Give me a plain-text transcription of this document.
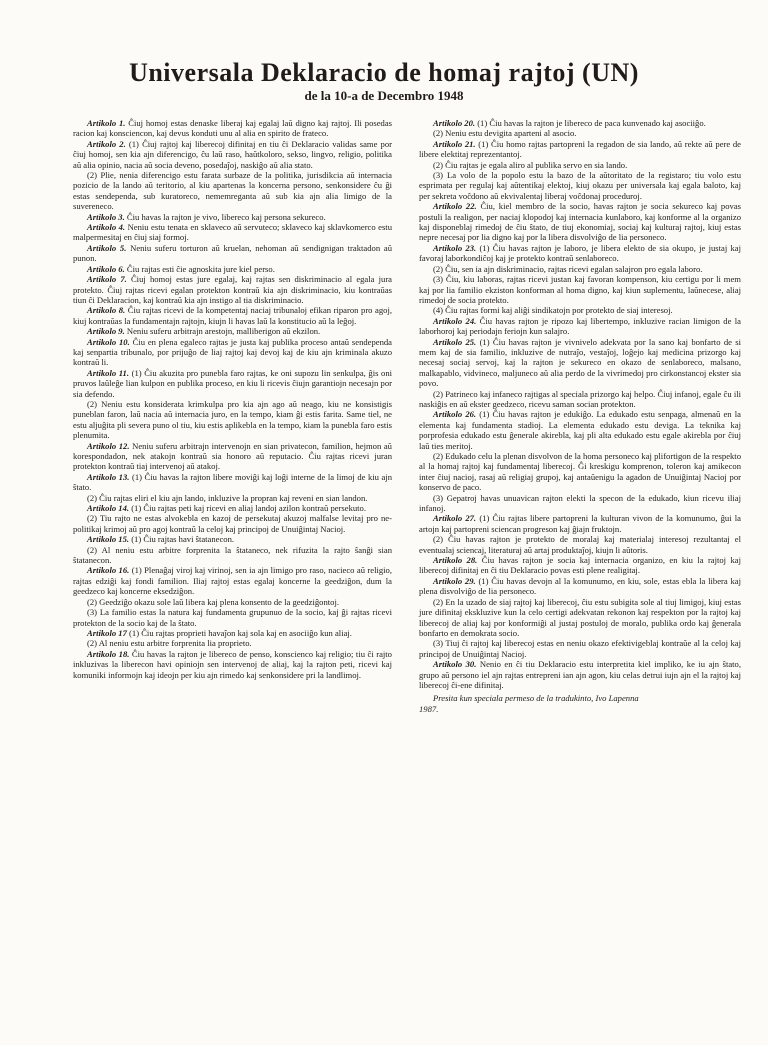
Universala Deklaracio de homaj rajtoj (UN)
de la 10-a de Decembro 1948

Artikolo 1. Ĉiuj homoj estas denaske liberaj kaj egalaj laŭ digno kaj rajtoj. Ili posedas racion kaj konsciencon, kaj devus konduti unu al alia en spirito de frateco.

Artikolo 2. (1) Ĉiuj rajtoj kaj liberecoj difinitaj en tiu ĉi Deklaracio validas same por ĉiuj homoj, sen kia ajn diferencigo, ĉu laŭ raso, haŭtkoloro, sekso, lingvo, religio, politika aŭ alia opinio, nacia aŭ socia deveno, posedaĵoj, naskiĝo aŭ alia stato.

(2) Plie, nenia diferencigo estu farata surbaze de la politika, jurisdikcia aŭ internacia pozicio de la lando aŭ teritorio, al kiu apartenas la koncerna persono, senkonsidere ĉu ĝi estas sendependa, sub kuratoreco, nememreganta aŭ sub kia ajn alia limigo de la suvereneco.

Artikolo 3. Ĉiu havas la rajton je vivo, libereco kaj persona sekureco.

Artikolo 4. Neniu estu tenata en sklaveco aŭ servuteco; sklaveco kaj sklavkomerco estu malpermesitaj en ĉiuj siaj formoj.

Artikolo 5. Neniu suferu torturon aŭ kruelan, nehoman aŭ sendignigan traktadon aŭ punon.

Artikolo 6. Ĉiu rajtas esti ĉie agnoskita jure kiel perso.

Artikolo 7. Ĉiuj homoj estas jure egalaj, kaj rajtas sen diskriminacio al egala jura protekto. Ĉiuj rajtas ricevi egalan protekton kontraŭ kia ajn diskriminacio, kiu kontraŭas tiun ĉi Deklaracion, kaj kontraŭ kia ajn instigo al tia diskriminacio.

Artikolo 8. Ĉiu rajtas ricevi de la kompetentaj naciaj tribunaloj efikan riparon pro agoj, kiuj kontraŭas la fundamentajn rajtojn, kiujn li havas laŭ la konstitucio aŭ la leĝoj.

Artikolo 9. Neniu suferu arbitrajn arestojn, malliberigon aŭ ekzilon.

Artikolo 10. Ĉiu en plena egaleco rajtas je justa kaj publika proceso antaŭ sendependa kaj senpartia tribunalo, por prijuĝo de liaj rajtoj kaj devoj kaj de kiu ajn kriminala akuzo kontraŭ li.

Artikolo 11. (1) Ĉiu akuzita pro punebla faro rajtas, ke oni supozu lin senkulpa, ĝis oni pruvos laŭleĝe lian kulpon en publika proceso, en kiu li ricevis ĉiujn garantiojn necesajn por sia defendo.

(2) Neniu estu konsiderata krimkulpa pro kia ajn ago aŭ neago, kiu ne konsistigis puneblan faron, laŭ nacia aŭ internacia juro, en la tempo, kiam ĝi estis farita. Same tiel, ne estu aljuĝita pli severa puno ol tiu, kiu estis aplikebla en la tempo, kiam la punebla faro estis plenumita.

Artikolo 12. Neniu suferu arbitrajn intervenojn en sian privatecon, familion, hejmon aŭ korespondadon, nek atakojn kontraŭ sia honoro aŭ reputacio. Ĉiu rajtas ricevi juran protekton kontraŭ tiaj intervenoj aŭ atakoj.

Artikolo 13. (1) Ĉiu havas la rajton libere moviĝi kaj loĝi interne de la limoj de kiu ajn ŝtato.

(2) Ĉiu rajtas eliri el kiu ajn lando, inkluzive la propran kaj reveni en sian landon.

Artikolo 14. (1) Ĉiu rajtas peti kaj ricevi en aliaj landoj azilon kontraŭ persekuto.

(2) Tiu rajto ne estas alvokebla en kazoj de persekutaj akuzoj malfalse levitaj pro ne-politikaj krimoj aŭ pro agoj kontraŭ la celoj kaj principoj de Unuiĝintaj Nacioj.

Artikolo 15. (1) Ĉiu rajtas havi ŝtatanecon.

(2) Al neniu estu arbitre forprenita la ŝtataneco, nek rifuzita la rajto ŝanĝi sian ŝtatanecon.

Artikolo 16. (1) Plenaĝaj viroj kaj virinoj, sen ia ajn limigo pro raso, nacieco aŭ religio, rajtas edziĝi kaj fondi familion. Iliaj rajtoj estas egalaj koncerne la geedziĝon, dum la geedzeco kaj koncerne eksedziĝon.

(2) Geedziĝo okazu sole laŭ libera kaj plena konsento de la geedziĝontoj.

(3) La familio estas la natura kaj fundamenta grupunuo de la socio, kaj ĝi rajtas ricevi protekton de la socio kaj de la ŝtato.

Artikolo 17 (1) Ĉiu rajtas proprieti havaĵon kaj sola kaj en asociiĝo kun aliaj.

(2) Al neniu estu arbitre forprenita lia proprieto.

Artikolo 18. Ĉiu havas la rajton je libereco de penso, konscienco kaj religio; tiu ĉi rajto inkluzivas la liberecon havi opiniojn sen intervenoj de aliaj, kaj la rajton peti, ricevi kaj komuniki informojn kaj ideojn per kiu ajn rimedo kaj senkonsidere pri la landlimoj.

Artikolo 20. (1) Ĉiu havas la rajton je libereco de paca kunvenado kaj asociiĝo.

(2) Neniu estu devigita aparteni al asocio.

Artikolo 21. (1) Ĉiu homo rajtas partopreni la regadon de sia lando, aŭ rekte aŭ pere de libere elektitaj reprezentantoj.

(2) Ĉiu rajtas je egala aliro al publika servo en sia lando.

(3) La volo de la popolo estu la bazo de la aŭtoritato de la registaro; tiu volo estu esprimata per regulaj kaj aŭtentikaj elektoj, kiuj okazu per universala kaj egala baloto, kaj per sekreta voĉdono aŭ ekvivalentaj liberaj voĉdonaj proceduroj.

Artikolo 22. Ĉiu, kiel membro de la socio, havas rajton je socia sekureco kaj povas postuli la realigon, per naciaj klopodoj kaj internacia kunlaboro, kaj konforme al la organizo kaj disponeblaj rimedoj de ĉiu ŝtato, de tiuj ekonomiaj, sociaj kaj kulturaj rajtoj, kiuj estas nepre necesaj por lia digno kaj por la libera disvolviĝo de lia personeco.

Artikolo 23. (1) Ĉiu havas rajton je laboro, je libera elekto de sia okupo, je justaj kaj favoraj laborkondiĉoj kaj je protekto kontraŭ senlaboreco.

(2) Ĉiu, sen ia ajn diskriminacio, rajtas ricevi egalan salajron pro egala laboro.

(3) Ĉiu, kiu laboras, rajtas ricevi justan kaj favoran kompenson, kiu certigu por li mem kaj por lia familio ekziston konforman al homa digno, kaj kiun suplementu, laŭnecese, aliaj rimedoj de socia protekto.

(4) Ĉiu rajtas formi kaj aliĝi sindikatojn por protekto de siaj interesoj.

Artikolo 24. Ĉiu havas rajton je ripozo kaj libertempo, inkluzive racian limigon de la laborhoroj kaj periodajn feriojn kun salajro.

Artikolo 25. (1) Ĉiu havas rajton je vivnivelo adekvata por la sano kaj bonfarto de si mem kaj de sia familio, inkluzive de nutraĵo, vestaĵoj, loĝejo kaj medicina prizorgo kaj necesaj sociaj servoj, kaj la rajton je sekureco en okazo de senlaboreco, malsano, malkapablo, vidvineco, maljuneco aŭ alia perdo de la vivrimedoj pro cirkonstancoj ekster sia povo.

(2) Patrineco kaj infaneco rajtigas al speciala prizorgo kaj helpo. Ĉiuj infanoj, egale ĉu ili naskiĝis en aŭ ekster geedzeco, ricevu saman socian protekton.

Artikolo 26. (1) Ĉiu havas rajton je edukiĝo. La edukado estu senpaga, almenaŭ en la elementa kaj fundamenta stadioj. La elementa edukado estu deviga. La teknika kaj porprofesia edukado estu ĝenerale akirebla, kaj pli alta edukado estu egale akirebla por ĉiuj laŭ ties meritoj.

(2) Edukado celu la plenan disvolvon de la homa personeco kaj plifortigon de la respekto al la homaj rajtoj kaj fundamentaj liberecoj. Ĝi kreskigu komprenon, toleron kaj amikecon inter ĉiuj nacioj, rasaj aŭ religiaj grupoj, kaj antaŭenigu la agadon de Unuiĝintaj Nacioj por konservo de paco.

(3) Gepatroj havas unuavican rajton elekti la specon de la edukado, kiun ricevu iliaj infanoj.

Artikolo 27. (1) Ĉiu rajtas libere partopreni la kulturan vivon de la komunumo, ĝui la artojn kaj partopreni sciencan progreson kaj ĝiajn fruktojn.

(2) Ĉiu havas rajton je protekto de moralaj kaj materialaj interesoj rezultantaj el eventualaj sciencaj, literaturaj aŭ artaj produktaĵoj, kiujn li aŭtoris.

Artikolo 28. Ĉiu havas rajton je socia kaj internacia organizo, en kiu la rajtoj kaj liberecoj difinitaj en ĉi tiu Deklaracio povas esti plene realigitaj.

Artikolo 29. (1) Ĉiu havas devojn al la komunumo, en kiu, sole, estas ebla la libera kaj plena disvolviĝo de lia personeco.

(2) En la uzado de siaj rajtoj kaj liberecoj, ĉiu estu subigita sole al tiuj limigoj, kiuj estas jure difinitaj ekskluzive kun la celo certigi adekvatan rekonon kaj respekton por la rajtoj kaj liberecoj de aliaj kaj por konformiĝi al justaj postuloj de moralo, publika ordo kaj ĝenerala bonfarto en demokrata socio.

(3) Tiuj ĉi rajtoj kaj liberecoj estas en neniu okazo efektivigeblaj kontraŭe al la celoj kaj principoj de Unuiĝintaj Nacioj.

Artikolo 30. Nenio en ĉi tiu Deklaracio estu interpretita kiel impliko, ke iu ajn ŝtato, grupo aŭ persono iel ajn rajtas entrepreni ian ajn agon, kiu celas detrui iujn ajn el la rajtoj kaj liberecoj ĉi-ene difinitaj.

Presita kun speciala permeso de la tradukinto, Ivo Lapenna
1987.
